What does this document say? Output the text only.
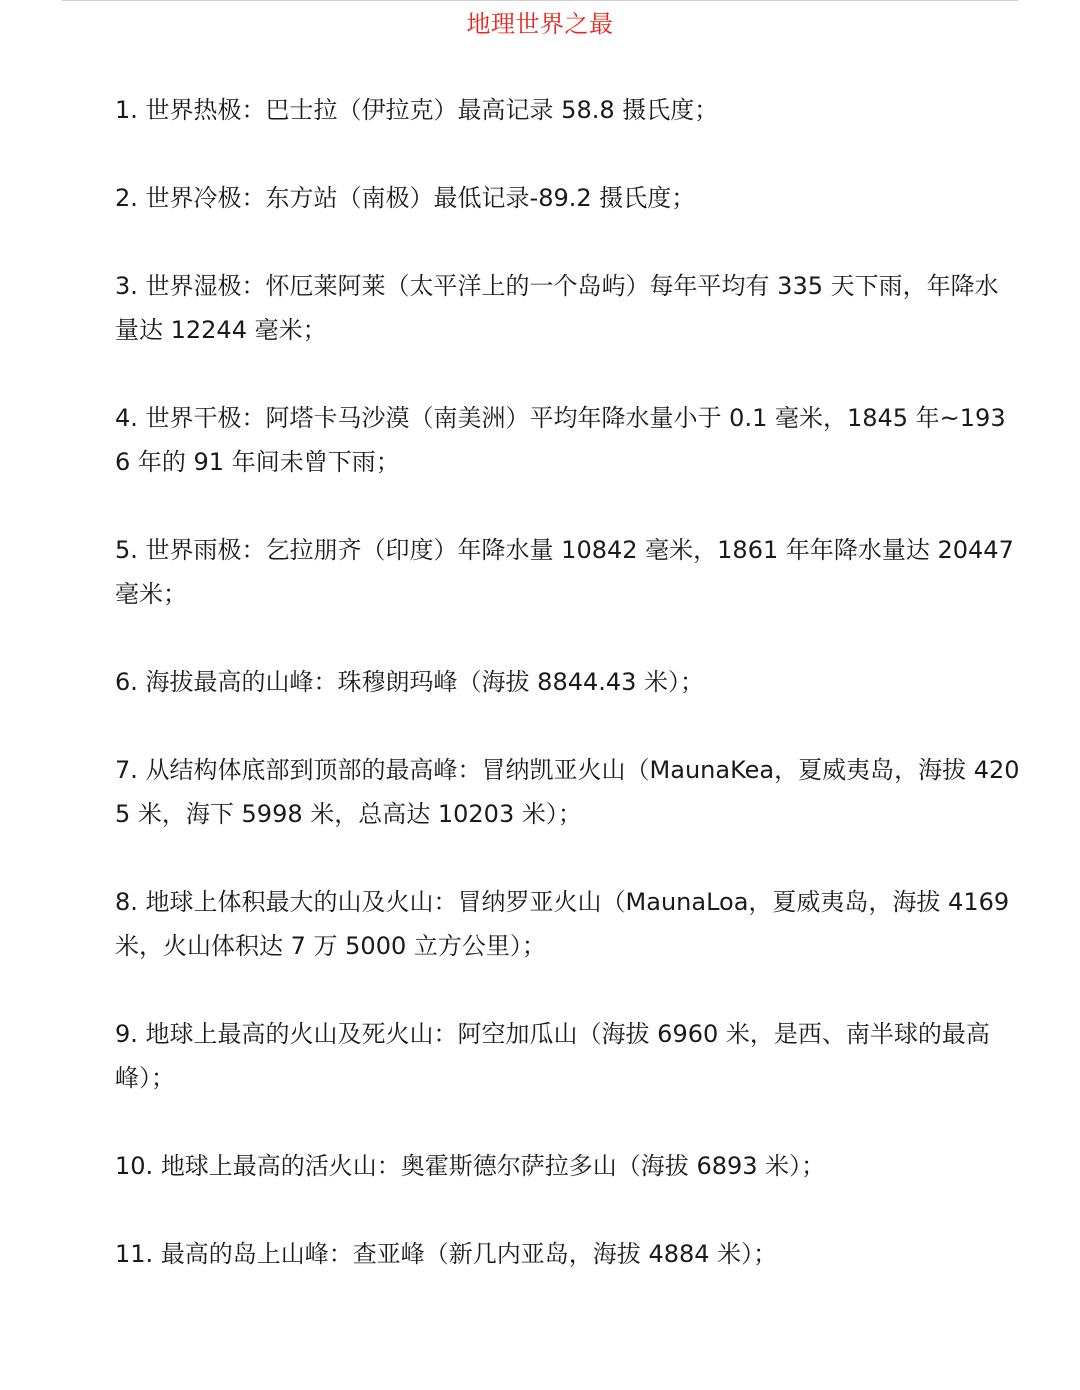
地理世界之最
1 . 世界热极：巴士拉（伊拉克）最高记录 58.8 摄氏度；
2 . 世界冷极：东方站（南极）最低记录-89.2 摄氏度；
3 . 世界湿极：怀厄莱阿莱（太平洋上的一个岛屿）每年平均有 335 天下雨，年降水量达 12244 毫米；
4 . 世界干极：阿塔卡马沙漠（南美洲）平均年降水量小于 0.1 毫米，1845 年~1936 年的 91 年间未曾下雨；
5 . 世界雨极：乞拉朋齐（印度）年降水量 10842 毫米，1861 年年降水量达 20447 毫米；
6 . 海拔最高的山峰：珠穆朗玛峰（海拔 8844.43 米）；
7 . 从结构体底部到顶部的最高峰：冒纳凯亚火山（MaunaKea，夏威夷岛，海拔 4205 米，海下 5998 米，总高达 10203 米）；
8 . 地球上体积最大的山及火山：冒纳罗亚火山（MaunaLoa，夏威夷岛，海拔 4169 米，火山体积达 7 万 5000 立方公里）；
9 . 地球上最高的火山及死火山：阿空加瓜山（海拔 6960 米，是西、南半球的最高峰）；
10 . 地球上最高的活火山：奥霍斯德尔萨拉多山（海拔 6893 米）；
11 . 最高的岛上山峰：查亚峰（新几内亚岛，海拔 4884 米）；
